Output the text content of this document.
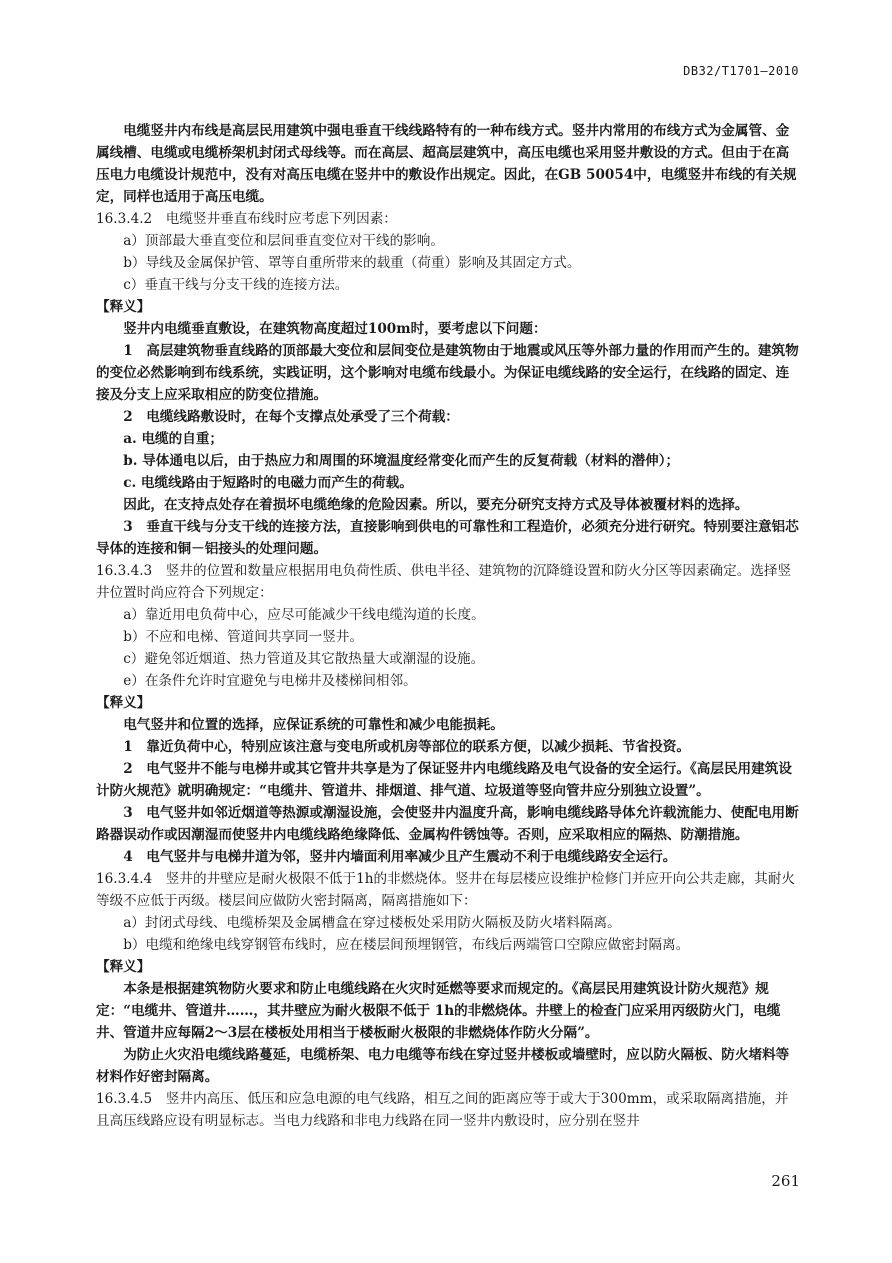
DB32/T1701—2010

电缆竖井内布线是高层民用建筑中强电垂直干线线路特有的一种布线方式。竖井内常用的布线方式为金属管、金属线槽、电缆或电缆桥架机封闭式母线等。而在高层、超高层建筑中，高压电缆也采用竖井敷设的方式。但由于在高压电力电缆设计规范中，没有对高压电缆在竖井中的敷设作出规定。因此，在GB 50054中，电缆竖井布线的有关规定，同样也适用于高压电缆。

16.3.4.2　电缆竖井垂直布线时应考虑下列因素：

a）顶部最大垂直变位和层间垂直变位对干线的影响。

b）导线及金属保护管、罩等自重所带来的载重（荷重）影响及其固定方式。

c）垂直干线与分支干线的连接方法。

【释义】

竖井内电缆垂直敷设，在建筑物高度超过100m时，要考虑以下问题：

1　高层建筑物垂直线路的顶部最大变位和层间变位是建筑物由于地震或风压等外部力量的作用而产生的。建筑物的变位必然影响到布线系统，实践证明，这个影响对电缆布线最小。为保证电缆线路的安全运行，在线路的固定、连接及分支上应采取相应的防变位措施。

2　电缆线路敷设时，在每个支撑点处承受了三个荷载：

a. 电缆的自重；

b. 导体通电以后，由于热应力和周围的环境温度经常变化而产生的反复荷载（材料的潜伸）；

c. 电缆线路由于短路时的电磁力而产生的荷载。

因此，在支持点处存在着损坏电缆绝缘的危险因素。所以，要充分研究支持方式及导体被覆材料的选择。

3　垂直干线与分支干线的连接方法，直接影响到供电的可靠性和工程造价，必须充分进行研究。特别要注意铝芯导体的连接和铜－铝接头的处理问题。

16.3.4.3　竖井的位置和数量应根据用电负荷性质、供电半径、建筑物的沉降缝设置和防火分区等因素确定。选择竖井位置时尚应符合下列规定：

a）靠近用电负荷中心，应尽可能减少干线电缆沟道的长度。

b）不应和电梯、管道间共享同一竖井。

c）避免邻近烟道、热力管道及其它散热量大或潮湿的设施。

e）在条件允许时宜避免与电梯井及楼梯间相邻。

【释义】

电气竖井和位置的选择，应保证系统的可靠性和减少电能损耗。

1　靠近负荷中心，特别应该注意与变电所或机房等部位的联系方便，以减少损耗、节省投资。

2　电气竖井不能与电梯井或其它管井共享是为了保证竖井内电缆线路及电气设备的安全运行。《高层民用建筑设计防火规范》就明确规定：“电缆井、管道井、排烟道、排气道、垃圾道等竖向管井应分别独立设置”。

3　电气竖井如邻近烟道等热源或潮湿设施，会使竖井内温度升高，影响电缆线路导体允许载流能力、使配电用断路器误动作或因潮湿而使竖井内电缆线路绝缘降低、金属构件锈蚀等。否则，应采取相应的隔热、防潮措施。

4　电气竖井与电梯井道为邻，竖井内墙面利用率减少且产生震动不利于电缆线路安全运行。

16.3.4.4　竖井的井壁应是耐火极限不低于1h的非燃烧体。竖井在每层楼应设维护检修门并应开向公共走廊，其耐火等级不应低于丙级。楼层间应做防火密封隔离，隔离措施如下：

a）封闭式母线、电缆桥架及金属槽盒在穿过楼板处采用防火隔板及防火堵料隔离。

b）电缆和绝缘电线穿钢管布线时，应在楼层间预埋钢管，布线后两端管口空隙应做密封隔离。

【释义】

本条是根据建筑物防火要求和防止电缆线路在火灾时延燃等要求而规定的。《高层民用建筑设计防火规范》规定：“电缆井、管道井……，其井壁应为耐火极限不低于 1h的非燃烧体。井壁上的检查门应采用丙级防火门，电缆井、管道井应每隔2～3层在楼板处用相当于楼板耐火极限的非燃烧体作防火分隔”。

为防止火灾沿电缆线路蔓延，电缆桥架、电力电缆等布线在穿过竖井楼板或墙壁时，应以防火隔板、防火堵料等材料作好密封隔离。

16.3.4.5　竖井内高压、低压和应急电源的电气线路，相互之间的距离应等于或大于300mm，或采取隔离措施，并且高压线路应设有明显标志。当电力线路和非电力线路在同一竖井内敷设时，应分别在竖井

261
